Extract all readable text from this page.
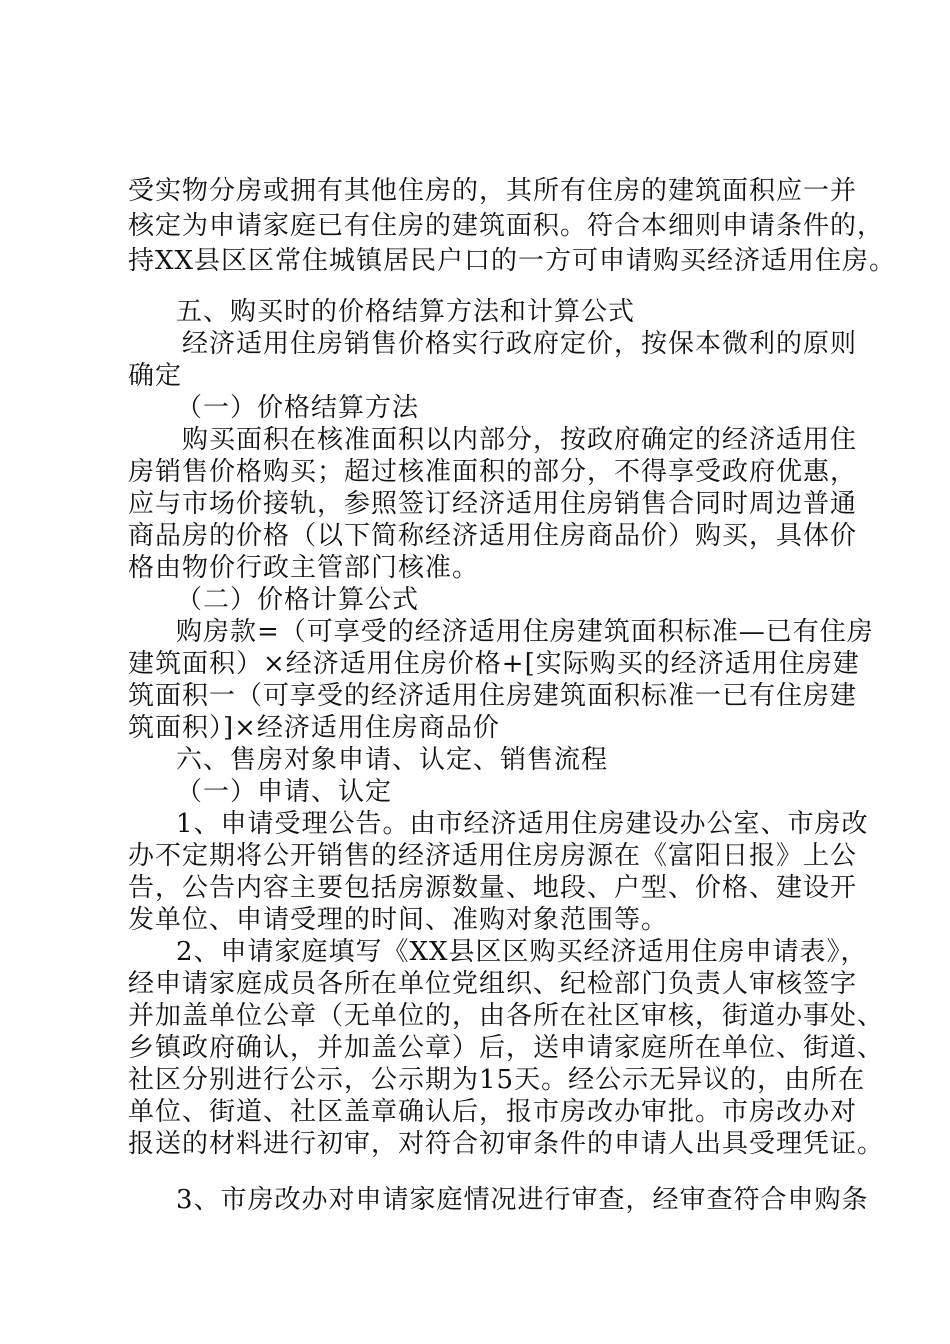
受实物分房或拥有其他住房的，其所有住房的建筑面积应一并
核定为申请家庭已有住房的建筑面积。符合本细则申请条件的，
持XX县区区常住城镇居民户口的一方可申请购买经济适用住房。
五、购买时的价格结算方法和计算公式
经济适用住房销售价格实行政府定价，按保本微利的原则
确定
（一）价格结算方法
购买面积在核准面积以内部分，按政府确定的经济适用住
房销售价格购买；超过核准面积的部分，不得享受政府优惠，
应与市场价接轨，参照签订经济适用住房销售合同时周边普通
商品房的价格（以下简称经济适用住房商品价）购买，具体价
格由物价行政主管部门核准。
（二）价格计算公式
购房款=（可享受的经济适用住房建筑面积标准—已有住房
建筑面积）×经济适用住房价格+[实际购买的经济适用住房建
筑面积一（可享受的经济适用住房建筑面积标准一已有住房建
筑面积）]×经济适用住房商品价
六、售房对象申请、认定、销售流程
（一）申请、认定
1、申请受理公告。由市经济适用住房建设办公室、市房改
办不定期将公开销售的经济适用住房房源在《富阳日报》上公
告，公告内容主要包括房源数量、地段、户型、价格、建设开
发单位、申请受理的时间、准购对象范围等。
2、申请家庭填写《XX县区区购买经济适用住房申请表》，
经申请家庭成员各所在单位党组织、纪检部门负责人审核签字
并加盖单位公章（无单位的，由各所在社区审核，街道办事处、
乡镇政府确认，并加盖公章）后，送申请家庭所在单位、街道、
社区分别进行公示，公示期为15天。经公示无异议的，由所在
单位、街道、社区盖章确认后，报市房改办审批。市房改办对
报送的材料进行初审，对符合初审条件的申请人出具受理凭证。
3、市房改办对申请家庭情况进行审查，经审查符合申购条
